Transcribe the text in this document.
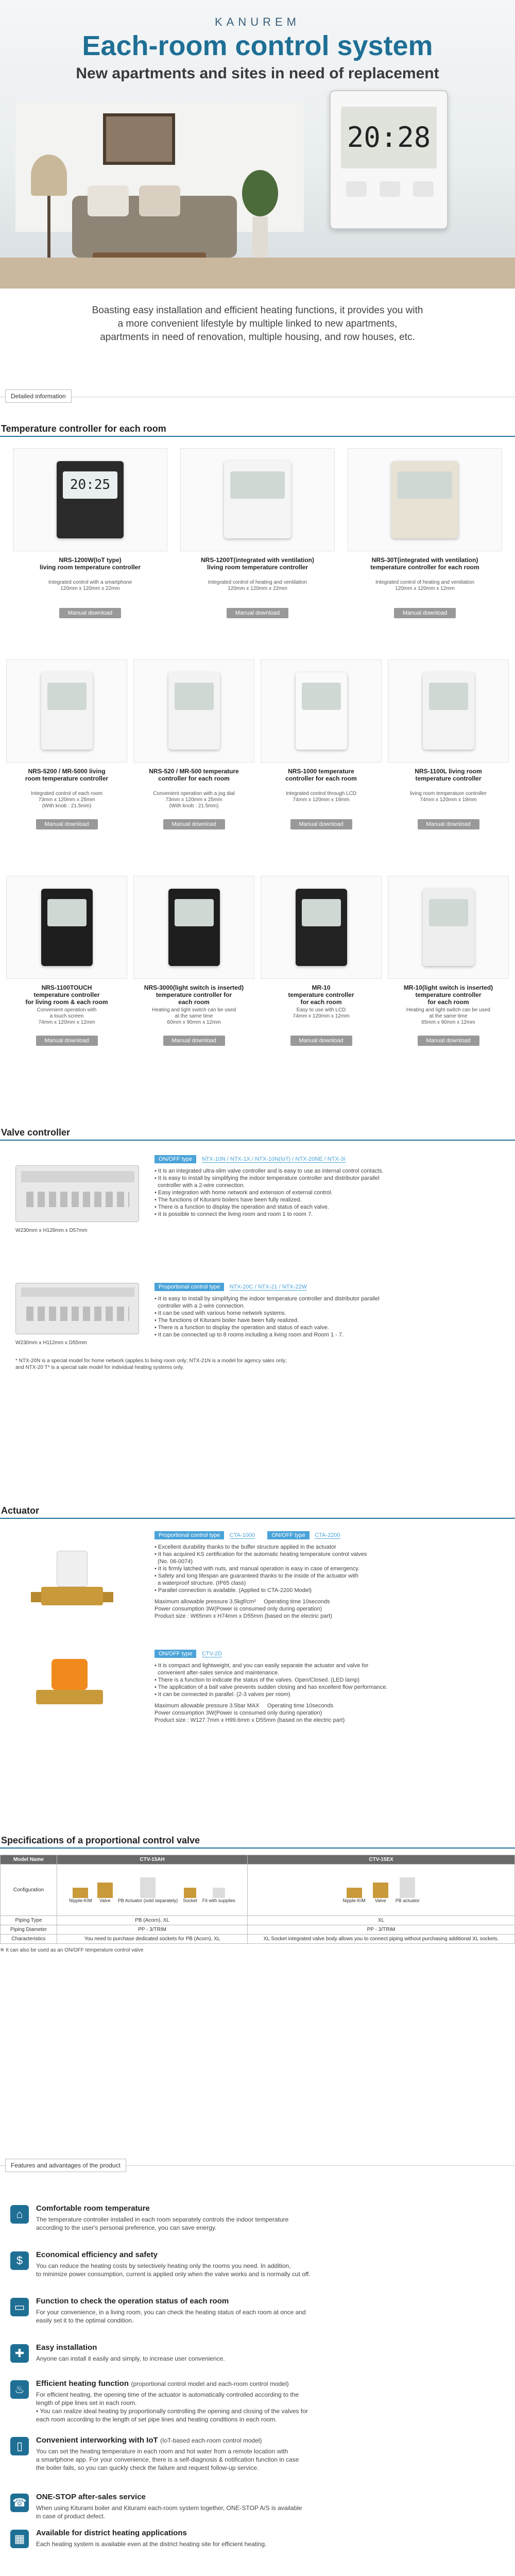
KANUREM
Each-room control system
New apartments and sites in need of replacement
20:28
Boasting easy installation and efficient heating functions, it provides you with
a more convenient lifestyle by multiple linked to new apartments,
apartments in need of renovation, multiple housing, and row houses, etc.
Detailed information
Temperature controller for each room
20:25
NRS-1200W(IoT type)
living room temperature controller
Integrated control with a smartphone
120mm x 120mm x 22mm
Manual download
NRS-1200T(integrated with ventilation)
living room temperature controller
Integrated control of heating and ventilation
120mm x 120mm x 22mm
Manual download
NRS-30T(integrated with ventilation)
temperature controller for each room
Integrated control of heating and ventilation
120mm x 120mm x 12mm
Manual download
NRS-5200 / MR-5000 living
room temperature controller
Integrated control of each room
73mm x 120mm x 25mm
(With knob : 21.5mm)
Manual download
NRS-520 / MR-500 temperature
controller for each room
Convenient operation with a jog dial
73mm x 120mm x 25mm
(With knob : 21.5mm)
Manual download
NRS-1000 temperature
controller for each room
Integrated control through LCD
74mm x 120mm x 19mm
Manual download
NRS-1100L living room
temperature controller
living room temperature controller
74mm x 120mm x 19mm
Manual download
NRS-1100TOUCH
temperature controller
for living room & each room
Convenient operation with
a touch screen
74mm x 120mm x 12mm
Manual download
NRS-3000(light switch is inserted)
temperature controller for
each room
Heating and light switch can be used
at the same time
60mm x 90mm x 12mm
Manual download
MR-10
temperature controller
for each room
Easy to use with LCD
74mm x 120mm x 12mm
Manual download
MR-10(light switch is inserted)
temperature controller
for each room
Heating and light switch can be used
at the same time
65mm x 90mm x 12mm
Manual download
Valve controller
W230mm x H128mm x D57mm
ON/OFF type NTX-10N / NTX-1X / NTX-10N(IoT) / NTX-20NE / NTX-3I
• It is an integrated ultra-slim valve controller and is easy to use as internal control contacts.
• It is easy to install by simplifying the indoor temperature controller and distributor parallel
controller with a 2-wire connection.
• Easy integration with home network and extension of external control.
• The functions of Kiturami boilers have been fully realized.
• There is a function to display the operation and status of each valve.
• It is possible to connect the living room and room 1 to room 7.
W230mm x H112mm x D55mm
Proportional control type NTX-20C / NTX-21 / NTX-22W
• It is easy to install by simplifying the indoor temperature controller and distributor parallel
controller with a 2-wire connection.
• It can be used with various home network systems.
• The functions of Kiturami boiler have been fully realized.
• There is a function to display the operation and status of each valve.
• It can be connected up to 8 rooms including a living room and Room 1 - 7.
* NTX-20N is a special model for home network (applies to living room only; NTX-21N is a model for agency sales only;
and NTX-20 T* is a special sale model for individual heating systems only.
Actuator
Proportional control type CTA-1000	ON/OFF type CTA-2200
• Excellent durability thanks to the buffer structure applied in the actuator
• It has acquired KS certification for the automatic heating temperature control valves
(No. 06-0074)
• It is firmly latched with nuts, and manual operation is easy in case of emergency.
• Safety and long lifespan are guaranteed thanks to the inside of the actuator with
a waterproof structure. (IP65 class)
• Parallel connection is available. (Applied to CTA-2200 Model)
Maximum allowable pressure 3.5kgf/cm²     Operating time 10seconds
Power consumption 3W(Power is consumed only during operation)
Product size : W65mm x H74mm x D55mm (based on the electric part)
ON/OFF type CTV-2D
• It is compact and lightweight, and you can easily separate the actuator and valve for
convenient after-sales service and maintenance.
• There is a function to indicate the status of the valves. Open/Closed. (LED lamp)
• The application of a ball valve prevents sudden closing and has excellent flow performance.
• It can be connected in parallel. (2-3 valves per room)
Maximum allowable pressure 3.5bar MAX     Operating time 10seconds
Power consumption 3W(Power is consumed only during operation)
Product size : W127.7mm x H99.6mm x D55mm (based on the electric part)
Specifications of a proportional control valve
Model Name	CTV-15AH	CTV-15EX
Configuration	Nipple-KIM Valve PB Actuator (sold separately) Socket Fit with supplies	Nipple-KIM Valve PB actuator

Piping Type	PB (Acorn), XL	XL
Piping Diameter	PP - 3/TRIM	PP - 3/TRIM
Characteristics	You need to purchase dedicated sockets for PB (Acorn), XL	XL Socket integrated valve body allows you to connect piping without purchasing additional XL sockets.
※ It can also be used as an ON/OFF temperature control valve
Features and advantages of the product
⌂	Comfortable room temperature
The temperature controller installed in each room separately controls the indoor temperature
according to the user's personal preference, you can save energy.
$	Economical efficiency and safety
You can reduce the heating costs by selectively heating only the rooms you need. In addition,
to minimize power consumption, current is applied only when the valve works and is normally cut off.
▭	Function to check the operation status of each room
For your convenience, in a living room, you can check the heating status of each room at once and
easily set it to the optimal condition.
✚	Easy installation
Anyone can install it easily and simply, to increase user convenience.
♨	Efficient heating function (proportional control model and each-room control model)
For efficient heating, the opening time of the actuator is automatically controlled according to the
length of pipe lines set in each room.
• You can realize ideal heating by proportionally controlling the opening and closing of the valves for
each room according to the length of set pipe lines and heating conditions in each room.
▯	Convenient interworking with IoT (IoT-based each-room control model)
You can set the heating temperature in each room and hot water from a remote location with
a smartphone app. For your convenience, there is a self-diagnosis & notification function in case
the boiler fails, so you can quickly check the failure and request follow-up service.
☎ ONE-STOP after-sales service
When using Kiturami boiler and Kiturami each-room system together, ONE-STOP A/S is available
in case of product defect.
▦	Available for district heating applications
Each heating system is available even at the district heating site for efficient heating.
